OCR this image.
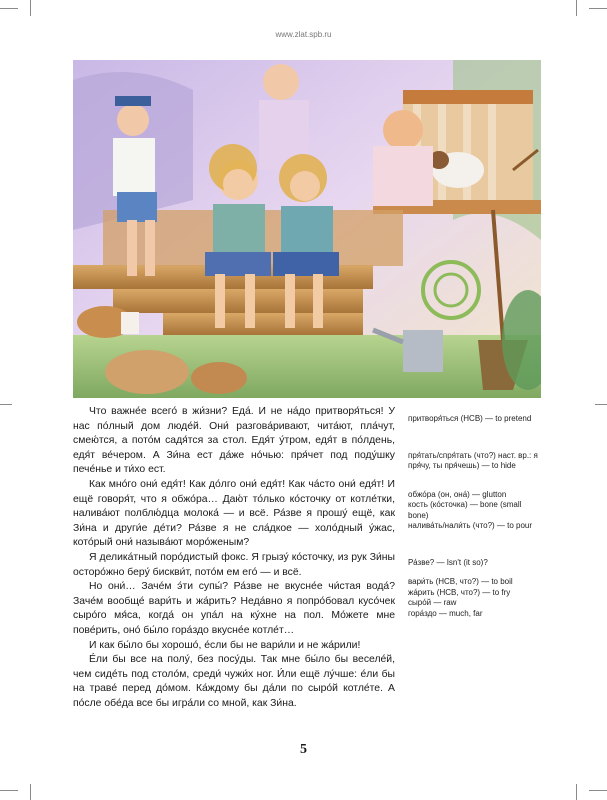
www.zlat.spb.ru

Что важне́е всего́ в жи́зни? Еда́. И не на́до притворя́ться! У нас по́лный дом люде́й. Они́ разгова́ривают, чита́ют, пла́чут, смею́тся, а пото́м садя́тся за стол. Едя́т у́тром, едя́т в по́лдень, едя́т ве́чером. А Зи́на ест да́же но́чью: пря́чет под поду́шку пече́нье и ти́хо ест.

Как мно́го они́ едя́т! Как до́лго они́ едя́т! Как ча́сто они́ едя́т! И ещё говоря́т, что я обжо́ра… Даю́т то́лько ко́сточку от котле́тки, налива́ют полблю́дца молока́ — и всё. Ра́зве я прошу́ ещё, как Зи́на и други́е де́ти? Ра́зве я не сла́дкое — холо́дный у́жас, кото́рый они́ называ́ют моро́женым?

Я делика́тный поро́дистый фокс. Я грызу́ ко́сточку, из рук Зи́ны осторо́жно беру́ бискви́т, пото́м ем его́ — и всё.

Но они́… Заче́м э́ти супы́? Ра́зве не вкусне́е чи́стая вода́? Заче́м вообще́ вари́ть и жа́рить? Неда́вно я попро́бовал кусо́чек сыро́го мя́са, когда́ он упа́л на ку́хне на пол. Мо́жете мне пове́рить, оно́ бы́ло гора́здо вкусне́е котле́т…

И как бы́ло бы хорошо́, е́сли бы не вари́ли и не жа́рили!

Е́ли бы все на полу́, без посу́ды. Так мне бы́ло бы веселе́й, чем сиде́ть под столо́м, среди́ чужи́х ног. И́ли ещё лу́чше: е́ли бы на траве́ перед до́мом. Ка́ждому бы да́ли по сыро́й котле́те. А по́сле обе́да все бы игра́ли со мной, как Зи́на.

притворя́ться (НСВ) — to pretend
пря́тать/спря́тать (что?) наст. вр.: я пря́чу, ты пря́чешь) — to hide
обжо́ра (он, она́) — glutton
кость (ко́сточка) — bone (small bone)
налива́ть/нали́ть (что?) — to pour
Ра́зве? — Isn't (it so)?
вари́ть (НСВ, что?) — to boil
жа́рить (НСВ, что?) — to fry
сыро́й — raw
гора́здо — much, far
5
